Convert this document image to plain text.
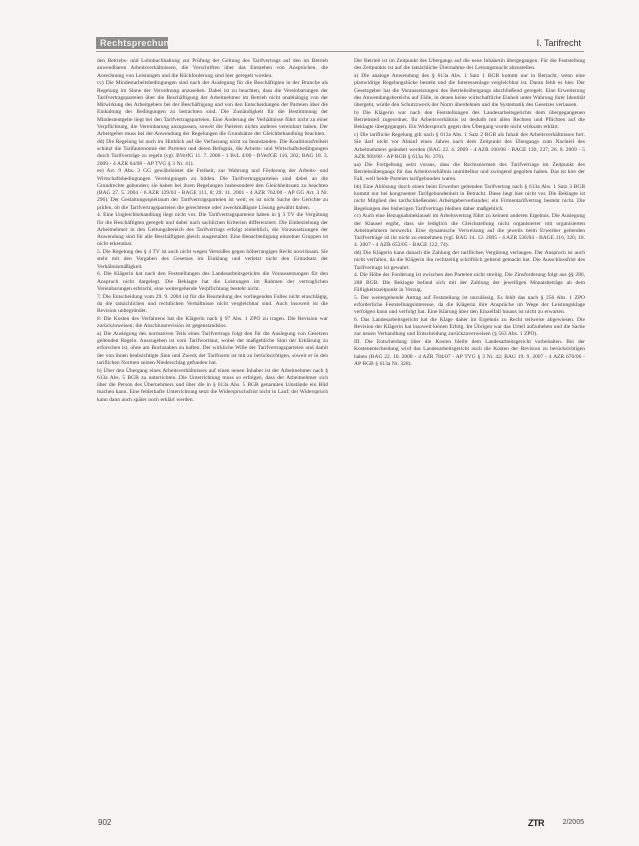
Rechtsprechung	I. Tarifrecht

den Betriebs- und Lohnbuchhaltung zur Prüfung der Geltung des Tarifvertrags auf den im Betrieb anwendbaren Arbeitsverhältnissen, die Vorschriften über das Entstehen von Ansprüchen, die Anrechnung von Leistungen und die Rückforderung sind hier geregelt worden.

cc) Die Mindestarbeitsbedingungen sind nach der Auslegung für die Beschäftigten in der Branche als Regelung im Sinne der Verordnung anzusehen. Dabei ist zu beachten, dass die Vereinbarungen der Tarifvertragsparteien über die Beschäftigung der Arbeitnehmer im Betrieb nicht unabhängig von der Mitwirkung des Arbeitgebers bei der Beschäftigung und von den Entscheidungen der Parteien über die Einhaltung der Bedingungen zu betrachten sind. Die Zuständigkeit für die Bestimmung der Mindestentgelte liegt bei den Tarifvertragsparteien. Eine Änderung der Verhältnisse führt nicht zu einer Verpflichtung, die Vereinbarung anzupassen, soweit die Parteien nichts anderes vereinbart haben. Der Arbeitgeber muss bei der Anwendung der Regelungen die Grundsätze der Gleichbehandlung beachten.

dd) Die Regelung ist auch im Hinblick auf die Verfassung nicht zu beanstanden. Die Koalitionsfreiheit schützt die Tarifautonomie der Parteien und deren Befugnis, die Arbeits- und Wirtschaftsbedingungen durch Tarifverträge zu regeln (vgl. BVerfG 11. 7. 2006 - 1 BvL 4/00 - BVerfGE 116, 202; BAG 18. 3. 2009 - 4 AZR 64/08 - AP TVG § 3 Nr. 41).

ee) Art. 9 Abs. 3 GG gewährleistet die Freiheit, zur Wahrung und Förderung der Arbeits- und Wirtschaftsbedingungen Vereinigungen zu bilden. Die Tarifvertragsparteien sind dabei an die Grundrechte gebunden; sie haben bei ihren Regelungen insbesondere den Gleichheitssatz zu beachten (BAG 27. 5. 2004 - 6 AZR 129/03 - BAGE 111, 8; 29. 11. 2001 - 4 AZR 762/00 - AP GG Art. 3 Nr. 296). Der Gestaltungsspielraum der Tarifvertragsparteien ist weit; es ist nicht Sache der Gerichte zu prüfen, ob die Tarifvertragsparteien die gerechteste oder zweckmäßigste Lösung gewählt haben.

4. Eine Ungleichbehandlung liegt nicht vor. Die Tarifvertragsparteien haben in § 3 TV die Vergütung für die Beschäftigten geregelt und dabei nach sachlichen Kriterien differenziert. Die Einbeziehung der Arbeitnehmer in den Geltungsbereich des Tarifvertrags erfolgt einheitlich, die Voraussetzungen der Anwendung sind für alle Beschäftigten gleich ausgestaltet. Eine Benachteiligung einzelner Gruppen ist nicht erkennbar.

5. Die Regelung des § 4 TV ist auch nicht wegen Verstoßes gegen höherrangiges Recht unwirksam. Sie steht mit den Vorgaben des Gesetzes im Einklang und verletzt nicht den Grundsatz der Verhältnismäßigkeit.

6. Die Klägerin hat nach den Feststellungen des Landesarbeitsgerichts die Voraussetzungen für den Anspruch nicht dargelegt. Die Beklagte hat die Leistungen im Rahmen der vertraglichen Vereinbarungen erbracht, eine weitergehende Verpflichtung besteht nicht.

7. Die Entscheidung vom 29. 9. 2004 ist für die Beurteilung des vorliegenden Falles nicht einschlägig, da die tatsächlichen und rechtlichen Verhältnisse nicht vergleichbar sind. Auch insoweit ist die Revision unbegründet.

8. Die Kosten des Verfahrens hat die Klägerin nach § 97 Abs. 1 ZPO zu tragen. Die Revision war zurückzuweisen; die Anschlussrevision ist gegenstandslos.

a) Die Auslegung des normativen Teils eines Tarifvertrags folgt den für die Auslegung von Gesetzen geltenden Regeln. Auszugehen ist vom Tarifwortlaut, wobei der maßgebliche Sinn der Erklärung zu erforschen ist, ohne am Buchstaben zu haften. Der wirkliche Wille der Tarifvertragsparteien und damit der von ihnen beabsichtigte Sinn und Zweck der Tarifnorm ist mit zu berücksichtigen, soweit er in den tariflichen Normen seinen Niederschlag gefunden hat.

b) Über den Übergang eines Arbeitsverhältnisses auf einen neuen Inhaber ist der Arbeitnehmer nach § 613a Abs. 5 BGB zu unterrichten. Die Unterrichtung muss so erfolgen, dass der Arbeitnehmer sich über die Person des Übernehmers und über die in § 613a Abs. 5 BGB genannten Umstände ein Bild machen kann. Eine fehlerhafte Unterrichtung setzt die Widerspruchsfrist nicht in Lauf; der Widerspruch kann dann auch später noch erklärt werden.

Der Betrieb ist im Zeitpunkt des Übergangs auf die neue Inhaberin übergegangen. Für die Feststellung des Zeitpunkts ist auf die tatsächliche Übernahme der Leitungsmacht abzustellen.

a) Die analoge Anwendung des § 613a Abs. 1 Satz 1 BGB kommt nur in Betracht, wenn eine planwidrige Regelungslücke besteht und die Interessenlage vergleichbar ist. Daran fehlt es hier. Der Gesetzgeber hat die Voraussetzungen des Betriebsübergangs abschließend geregelt. Eine Erweiterung des Anwendungsbereichs auf Fälle, in denen keine wirtschaftliche Einheit unter Wahrung ihrer Identität übergeht, würde den Schutzzweck der Norm überdehnen und die Systematik des Gesetzes verlassen.

b) Die Klägerin war nach den Feststellungen des Landesarbeitsgerichts dem übergegangenen Betriebsteil zugeordnet. Ihr Arbeitsverhältnis ist deshalb mit allen Rechten und Pflichten auf die Beklagte übergegangen. Ein Widerspruch gegen den Übergang wurde nicht wirksam erklärt.

c) Die tarifliche Regelung gilt nach § 613a Abs. 1 Satz 2 BGB als Inhalt des Arbeitsverhältnisses fort. Sie darf nicht vor Ablauf eines Jahres nach dem Zeitpunkt des Übergangs zum Nachteil des Arbeitnehmers geändert werden (BAG 22. 4. 2009 - 4 AZR 100/08 - BAGE 130, 237; 26. 8. 2009 - 5 AZR 969/08 - AP BGB § 613a Nr. 376).

aa) Die Fortgeltung setzt voraus, dass die Rechtsnormen des Tarifvertrags im Zeitpunkt des Betriebsübergangs für das Arbeitsverhältnis unmittelbar und zwingend gegolten haben. Das ist hier der Fall, weil beide Parteien tarifgebunden waren.

bb) Eine Ablösung durch einen beim Erwerber geltenden Tarifvertrag nach § 613a Abs. 1 Satz 3 BGB kommt nur bei kongruenter Tarifgebundenheit in Betracht. Diese liegt hier nicht vor. Die Beklagte ist nicht Mitglied des tarifschließenden Arbeitgeberverbandes; ein Firmentarifvertrag besteht nicht. Die Regelungen des bisherigen Tarifvertrags bleiben daher maßgeblich.

cc) Auch eine Bezugnahmeklausel im Arbeitsvertrag führt zu keinem anderen Ergebnis. Die Auslegung der Klausel ergibt, dass sie lediglich die Gleichstellung nicht organisierter mit organisierten Arbeitnehmern bezweckt. Eine dynamische Verweisung auf die jeweils beim Erwerber geltenden Tarifverträge ist ihr nicht zu entnehmen (vgl. BAG 14. 12. 2005 - 4 AZR 536/04 - BAGE 116, 326; 18. 4. 2007 - 4 AZR 652/05 - BAGE 122, 74).

dd) Die Klägerin kann danach die Zahlung der tariflichen Vergütung verlangen. Der Anspruch ist auch nicht verfallen, da die Klägerin ihn rechtzeitig schriftlich geltend gemacht hat. Die Ausschlussfrist des Tarifvertrags ist gewahrt.

4. Die Höhe der Forderung ist zwischen den Parteien nicht streitig. Die Zinsforderung folgt aus §§ 286, 288 BGB. Die Beklagte befand sich mit der Zahlung der jeweiligen Monatsbeträge ab dem Fälligkeitszeitpunkt in Verzug.

5. Der weitergehende Antrag auf Feststellung ist unzulässig. Es fehlt das nach § 256 Abs. 1 ZPO erforderliche Feststellungsinteresse, da die Klägerin ihre Ansprüche im Wege der Leistungsklage verfolgen kann und verfolgt hat. Eine Klärung über den Einzelfall hinaus ist nicht zu erwarten.

6. Das Landesarbeitsgericht hat die Klage daher im Ergebnis zu Recht teilweise abgewiesen. Die Revision der Klägerin hat insoweit keinen Erfolg. Im Übrigen war das Urteil aufzuheben und die Sache zur neuen Verhandlung und Entscheidung zurückzuverweisen (§ 563 Abs. 1 ZPO).

III. Die Entscheidung über die Kosten bleibt dem Landesarbeitsgericht vorbehalten. Bei der Kostenentscheidung wird das Landesarbeitsgericht auch die Kosten der Revision zu berücksichtigen haben (BAG 22. 10. 2008 - 4 AZR 784/07 - AP TVG § 3 Nr. 42; BAG 19. 9. 2007 - 4 AZR 670/06 - AP BGB § 613a Nr. 328).

902	ZTR	2/2005
